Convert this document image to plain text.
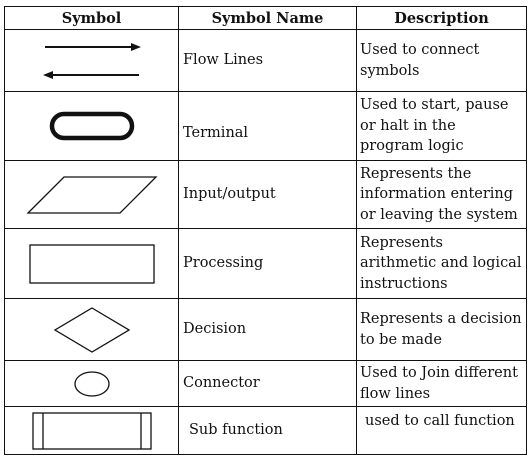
Symbol	Symbol Name	Description

	Flow Lines	Used to connect
symbols

	Terminal	Used to start, pause
or halt in the
program logic

	Input/output	Represents the
information entering
or leaving the system

	Processing	Represents
arithmetic and logical
instructions

	Decision	Represents a decision
to be made

	Connector	Used to Join different
flow lines

	Sub function	used to call function
